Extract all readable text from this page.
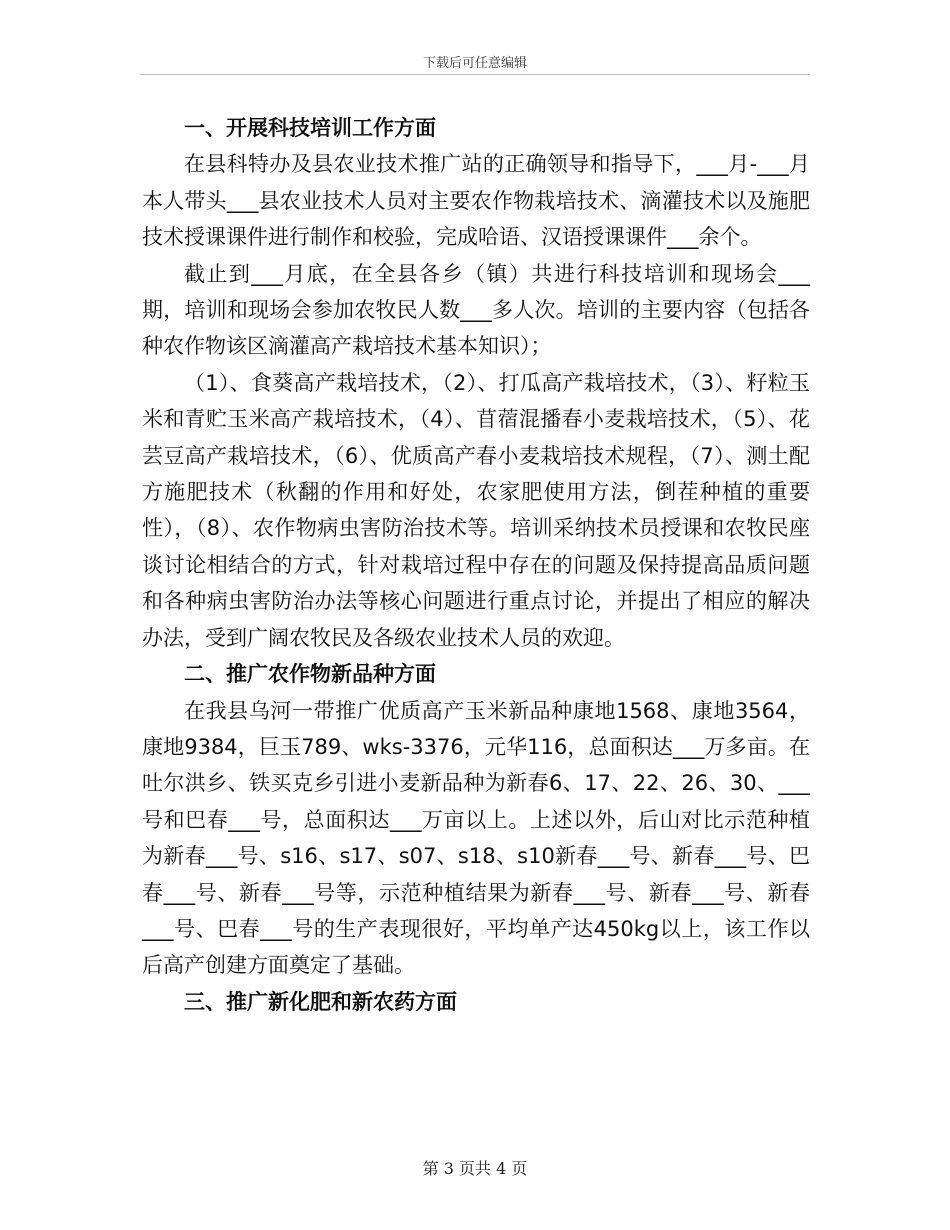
下载后可任意编辑

一、开展科技培训工作方面

在县科特办及县农业技术推广站的正确领导和指导下，___月-___月本人带头___县农业技术人员对主要农作物栽培技术、滴灌技术以及施肥技术授课课件进行制作和校验，完成哈语、汉语授课课件___余个。

截止到___月底，在全县各乡（镇）共进行科技培训和现场会___期，培训和现场会参加农牧民人数___多人次。培训的主要内容（包括各种农作物该区滴灌高产栽培技术基本知识）；

（1）、食葵高产栽培技术，（2）、打瓜高产栽培技术，（3）、籽粒玉米和青贮玉米高产栽培技术，（4）、苜蓿混播春小麦栽培技术，（5）、花芸豆高产栽培技术，（6）、优质高产春小麦栽培技术规程，（7）、测土配方施肥技术（秋翻的作用和好处，农家肥使用方法，倒茬种植的重要性），（8）、农作物病虫害防治技术等。培训采纳技术员授课和农牧民座谈讨论相结合的方式，针对栽培过程中存在的问题及保持提高品质问题和各种病虫害防治办法等核心问题进行重点讨论，并提出了相应的解决办法，受到广阔农牧民及各级农业技术人员的欢迎。

二、推广农作物新品种方面

在我县乌河一带推广优质高产玉米新品种康地1568、康地3564，康地9384，巨玉789、wks-3376，元华116，总面积达___万多亩。在吐尔洪乡、铁买克乡引进小麦新品种为新春6、17、22、26、30、___号和巴春___号，总面积达___万亩以上。上述以外，后山对比示范种植为新春___号、s16、s17、s07、s18、s10新春___号、新春___号、巴春___号、新春___号等，示范种植结果为新春___号、新春___号、新春___号、巴春___号的生产表现很好，平均单产达450kg以上，该工作以后高产创建方面奠定了基础。

三、推广新化肥和新农药方面

第 3 页共 4 页
